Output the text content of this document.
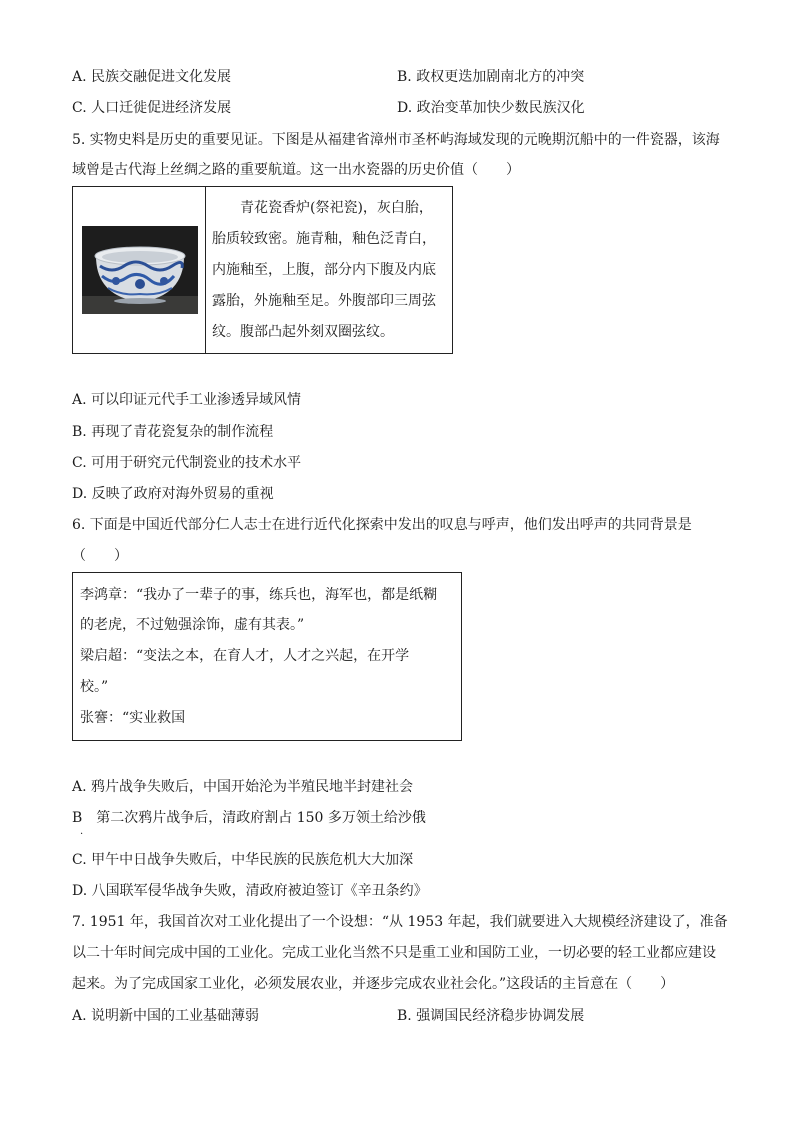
A. 民族交融促进文化发展	B. 政权更迭加剧南北方的冲突
C. 人口迁徙促进经济发展	D. 政治变革加快少数民族汉化
5. 实物史料是历史的重要见证。下图是从福建省漳州市圣杯屿海域发现的元晚期沉船中的一件瓷器，该海
域曾是古代海上丝绸之路的重要航道。这一出水瓷器的历史价值（　　）
　　青花瓷香炉(祭祀瓷)，灰白胎，
胎质较致密。施青釉，釉色泛青白，
内施釉至，上腹，部分内下腹及内底
露胎，外施釉至足。外腹部印三周弦
纹。腹部凸起外刻双圈弦纹。
A. 可以印证元代手工业渗透异域风情
B. 再现了青花瓷复杂的制作流程
C. 可用于研究元代制瓷业的技术水平
D. 反映了政府对海外贸易的重视
6. 下面是中国近代部分仁人志士在进行近代化探索中发出的叹息与呼声，他们发出呼声的共同背景是
（　　）
李鸿章：“我办了一辈子的事，练兵也，海军也，都是纸糊
的老虎，不过勉强涂饰，虚有其表。”
梁启超：“变法之本，在育人才，人才之兴起，在开学
校。”
张謇：“实业救国
A. 鸦片战争失败后，中国开始沦为半殖民地半封建社会
B　第二次鸦片战争后，清政府割占 150 多万领土给沙俄
.
C. 甲午中日战争失败后，中华民族的民族危机大大加深
D. 八国联军侵华战争失败，清政府被迫签订《辛丑条约》
7. 1951 年，我国首次对工业化提出了一个设想：“从 1953 年起，我们就要进入大规模经济建设了，准备
以二十年时间完成中国的工业化。完成工业化当然不只是重工业和国防工业，一切必要的轻工业都应建设
起来。为了完成国家工业化，必须发展农业，并逐步完成农业社会化。”这段话的主旨意在（　　）
A. 说明新中国的工业基础薄弱	B. 强调国民经济稳步协调发展
